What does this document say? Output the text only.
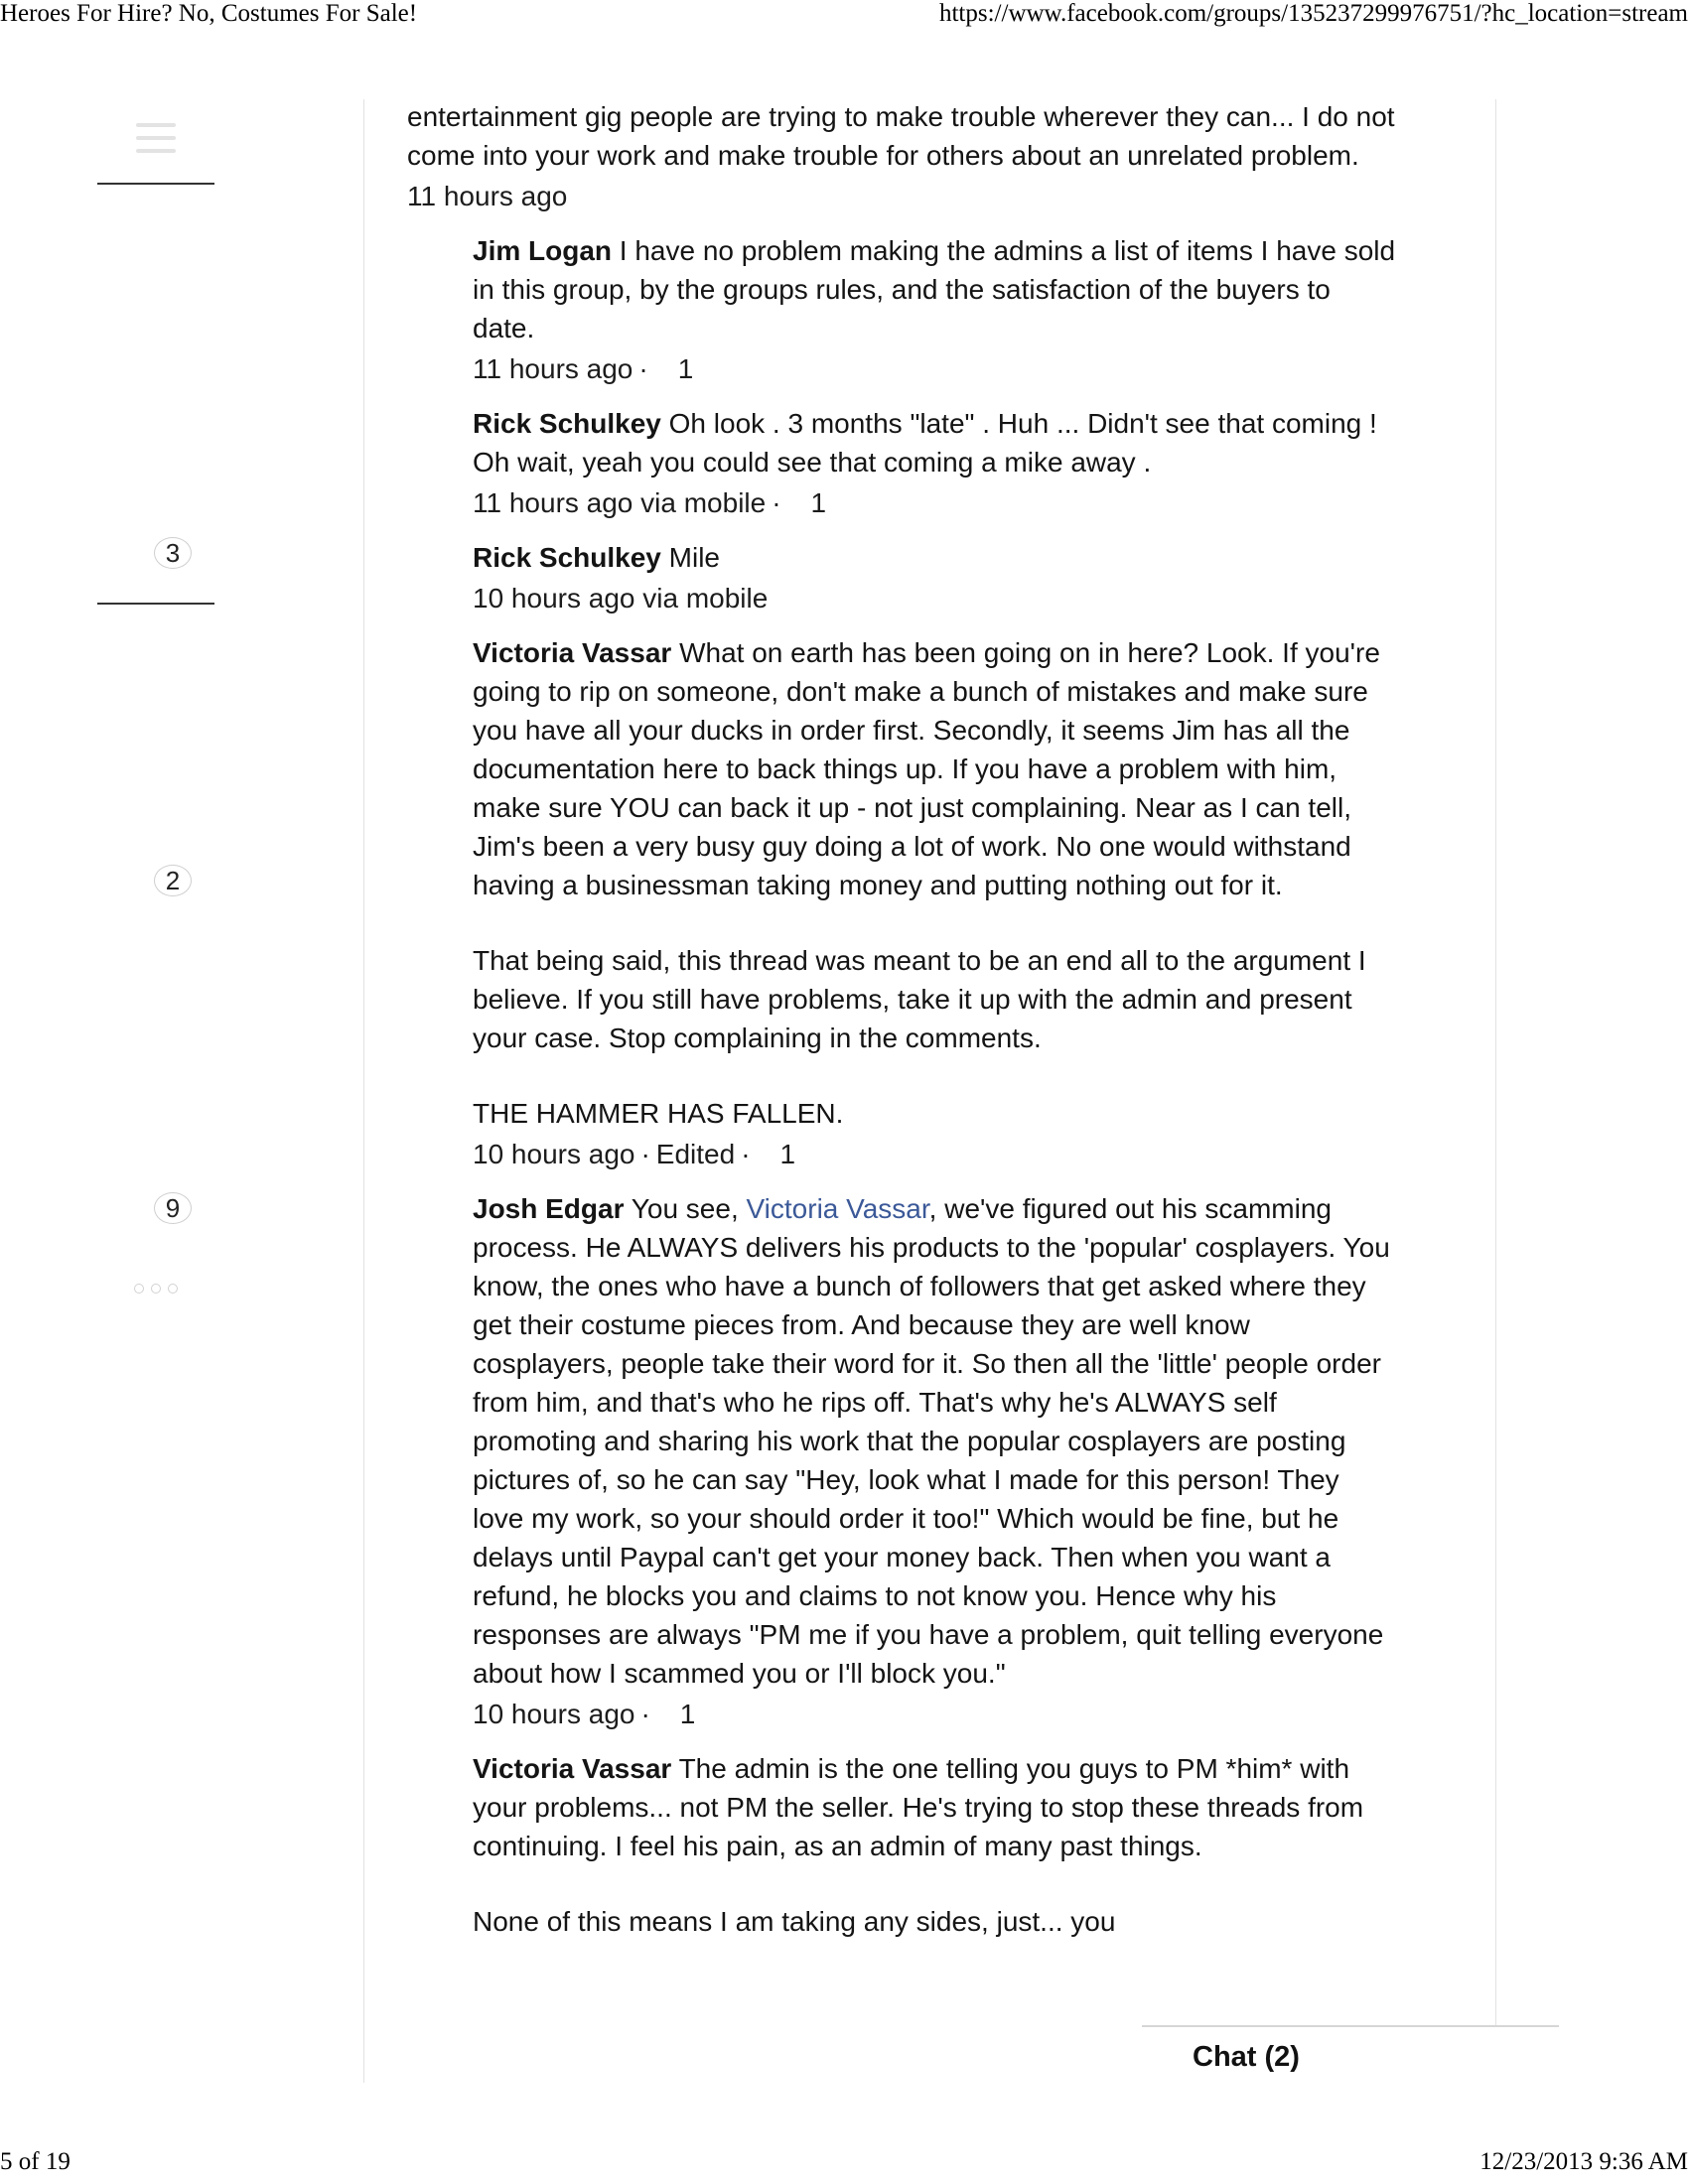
Heroes For Hire? No, Costumes For Sale!	https://www.facebook.com/groups/135237299976751/?hc_location=stream
3
2
9

entertainment gig people are trying to make trouble wherever they can... I do not come into your work and make trouble for others about an unrelated problem.

11 hours ago

Jim Logan I have no problem making the admins a list of items I have sold in this group, by the groups rules, and the satisfaction of the buyers to date.

11 hours ago · 1

Rick Schulkey Oh look . 3 months "late" . Huh ... Didn't see that coming ! Oh wait, yeah you could see that coming a mike away .

11 hours ago via mobile · 1

Rick Schulkey Mile

10 hours ago via mobile

Victoria Vassar What on earth has been going on in here? Look. If you're going to rip on someone, don't make a bunch of mistakes and make sure you have all your ducks in order first. Secondly, it seems Jim has all the documentation here to back things up. If you have a problem with him, make sure YOU can back it up - not just complaining. Near as I can tell, Jim's been a very busy guy doing a lot of work. No one would withstand having a businessman taking money and putting nothing out for it.

That being said, this thread was meant to be an end all to the argument I believe. If you still have problems, take it up with the admin and present your case. Stop complaining in the comments.

THE HAMMER HAS FALLEN.

10 hours ago · Edited · 1

Josh Edgar You see, Victoria Vassar, we've figured out his scamming process. He ALWAYS delivers his products to the 'popular' cosplayers. You know, the ones who have a bunch of followers that get asked where they get their costume pieces from. And because they are well know cosplayers, people take their word for it. So then all the 'little' people order from him, and that's who he rips off. That's why he's ALWAYS self promoting and sharing his work that the popular cosplayers are posting pictures of, so he can say "Hey, look what I made for this person! They love my work, so your should order it too!" Which would be fine, but he delays until Paypal can't get your money back. Then when you want a refund, he blocks you and claims to not know you. Hence why his responses are always "PM me if you have a problem, quit telling everyone about how I scammed you or I'll block you."

10 hours ago · 1

Victoria Vassar The admin is the one telling you guys to PM *him* with your problems... not PM the seller. He's trying to stop these threads from continuing. I feel his pain, as an admin of many past things.

None of this means I am taking any sides, just... you

Chat (2)
5 of 19	12/23/2013 9:36 AM
